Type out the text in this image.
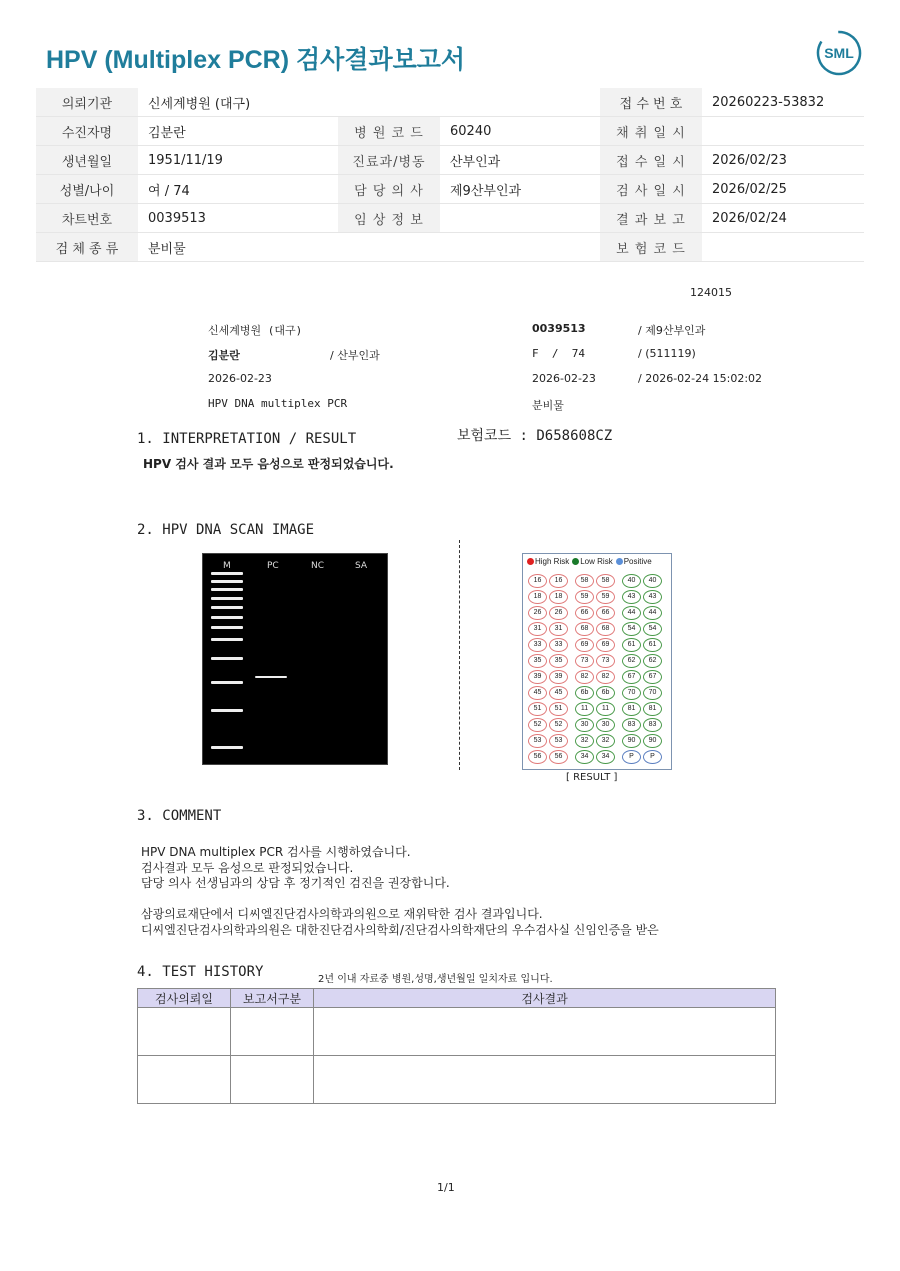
HPV (Multiplex PCR) 검사결과보고서	SML
의뢰기관	신세계병원 (대구)			접 수 번 호	20260223-53832
수진자명	김분란	병 원 코 드	60240	채 취 일 시	
생년월일	1951/11/19	진료과/병동	산부인과	접 수 일 시	2026/02/23
성별/나이	여 / 74	담 당 의 사	제9산부인과	검 사 일 시	2026/02/25
차트번호	0039513	임 상 정 보		결 과 보 고	2026/02/24
검 체 종 류	분비물			보 험 코 드	
124015
신세계병원 (대구)	0039513	/ 제9산부인과
김분란	/ 산부인과	F  /  74	/ (511119)
2026-02-23	2026-02-23	/ 2026-02-24 15:02:02
HPV DNA multiplex PCR	분비물
1. INTERPRETATION / RESULT	보험코드 : D658608CZ
HPV 검사 결과 모두 음성으로 판정되었습니다.
2. HPV DNA SCAN IMAGE
M	PC	NC	SA	High Risk Low Risk Positive
16	16
18	18
26	26
31	31
33	33
35	35
39	39
45	45
51	51
52	52
53	53
56	56
58	58
59	59
66	66
68	68
69	69
73	73
82	82
6b	6b
11	11
30	30
32	32
34	34
40	40
43	43
44	44
54	54
61	61
62	62
67	67
70	70
81	81
83	83
90	90
P	P
[ RESULT ]
3. COMMENT
HPV DNA multiplex PCR 검사를 시행하였습니다.
검사결과 모두 음성으로 판정되었습니다.
담당 의사 선생님과의 상담 후 정기적인 검진을 권장합니다.
삼광의료재단에서 디씨엘진단검사의학과의원으로 재위탁한 검사 결과입니다.
디씨엘진단검사의학과의원은 대한진단검사의학회/진단검사의학재단의 우수검사실 신임인증을 받은
4. TEST HISTORY	2년 이내 자료중 병원,성명,생년월일 일치자료 입니다.
검사의뢰일	보고서구분	검사결과

1/1
